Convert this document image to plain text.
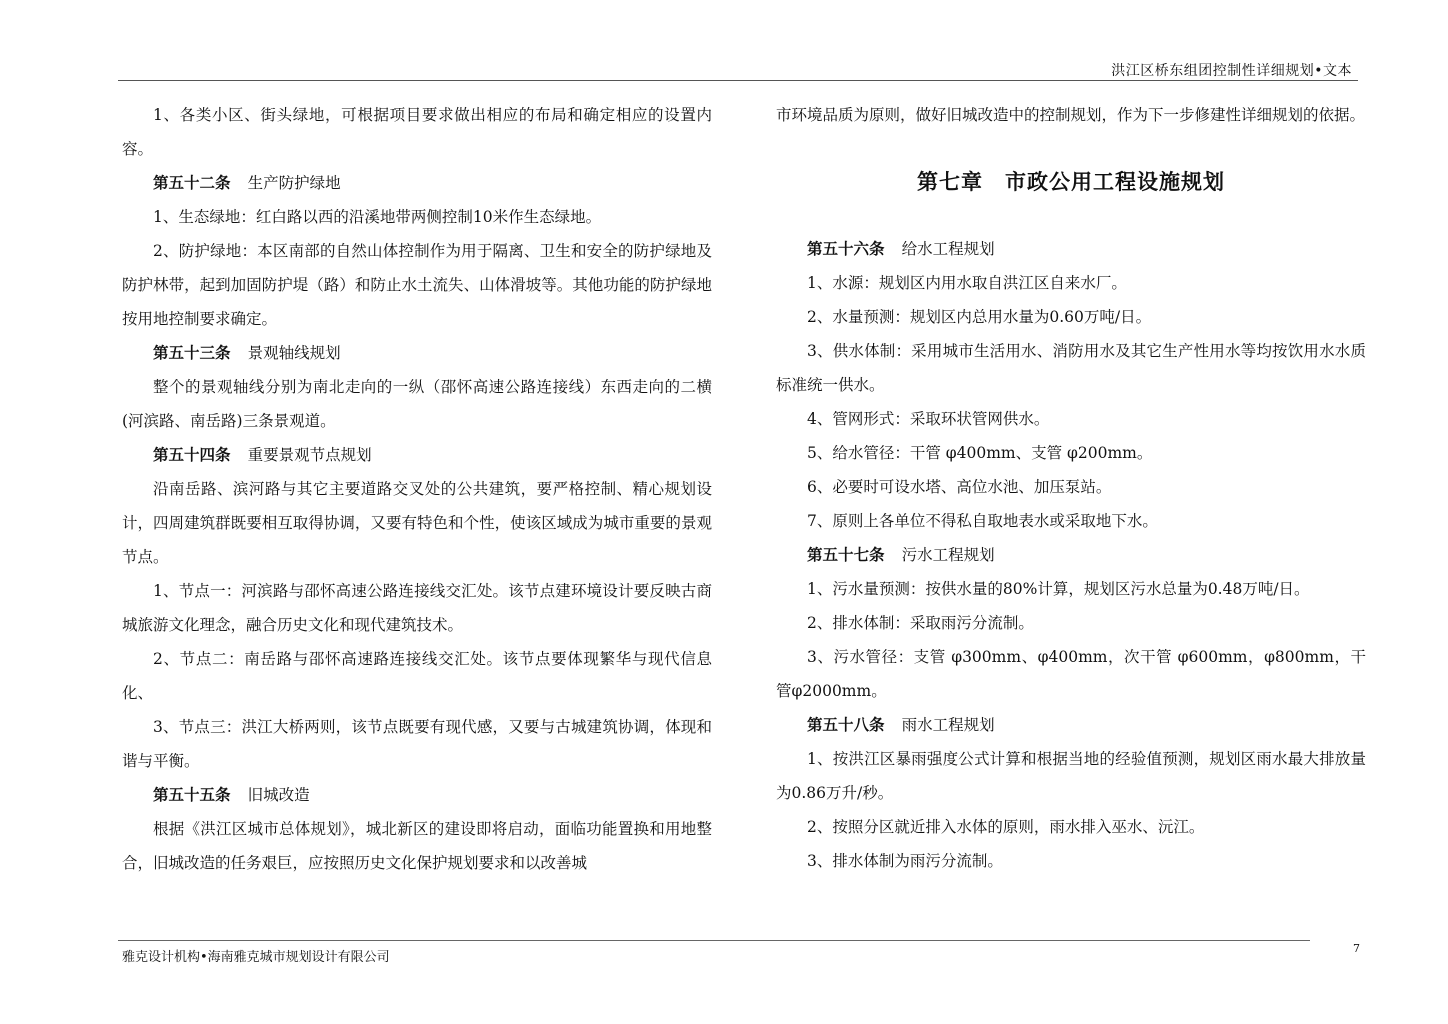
洪江区桥东组团控制性详细规划•文本

1、各类小区、街头绿地，可根据项目要求做出相应的布局和确定相应的设置内容。

第五十二条 生产防护绿地

1、生态绿地：红白路以西的沿溪地带两侧控制10米作生态绿地。

2、防护绿地：本区南部的自然山体控制作为用于隔离、卫生和安全的防护绿地及防护林带，起到加固防护堤（路）和防止水土流失、山体滑坡等。其他功能的防护绿地按用地控制要求确定。

第五十三条 景观轴线规划

整个的景观轴线分别为南北走向的一纵（邵怀高速公路连接线）东西走向的二横(河滨路、南岳路)三条景观道。

第五十四条 重要景观节点规划

沿南岳路、滨河路与其它主要道路交叉处的公共建筑，要严格控制、精心规划设计，四周建筑群既要相互取得协调，又要有特色和个性，使该区域成为城市重要的景观节点。

1、节点一：河滨路与邵怀高速公路连接线交汇处。该节点建环境设计要反映古商城旅游文化理念，融合历史文化和现代建筑技术。

2、节点二：南岳路与邵怀高速路连接线交汇处。该节点要体现繁华与现代信息化、

3、节点三：洪江大桥两则，该节点既要有现代感，又要与古城建筑协调，体现和谐与平衡。

第五十五条 旧城改造

根据《洪江区城市总体规划》，城北新区的建设即将启动，面临功能置换和用地整合，旧城改造的任务艰巨，应按照历史文化保护规划要求和以改善城

市环境品质为原则，做好旧城改造中的控制规划，作为下一步修建性详细规划的依据。

第七章　市政公用工程设施规划

第五十六条 给水工程规划

1、水源：规划区内用水取自洪江区自来水厂。

2、水量预测：规划区内总用水量为0.60万吨/日。

3、供水体制：采用城市生活用水、消防用水及其它生产性用水等均按饮用水水质标准统一供水。

4、管网形式：采取环状管网供水。

5、给水管径：干管 φ400mm、支管 φ200mm。

6、必要时可设水塔、高位水池、加压泵站。

7、原则上各单位不得私自取地表水或采取地下水。

第五十七条 污水工程规划

1、污水量预测：按供水量的80%计算，规划区污水总量为0.48万吨/日。

2、排水体制：采取雨污分流制。

3、污水管径：支管 φ300mm、φ400mm，次干管 φ600mm，φ800mm，干管φ2000mm。

第五十八条 雨水工程规划

1、按洪江区暴雨强度公式计算和根据当地的经验值预测，规划区雨水最大排放量为0.86万升/秒。

2、按照分区就近排入水体的原则，雨水排入巫水、沅江。

3、排水体制为雨污分流制。

雅克设计机构•海南雅克城市规划设计有限公司
7
